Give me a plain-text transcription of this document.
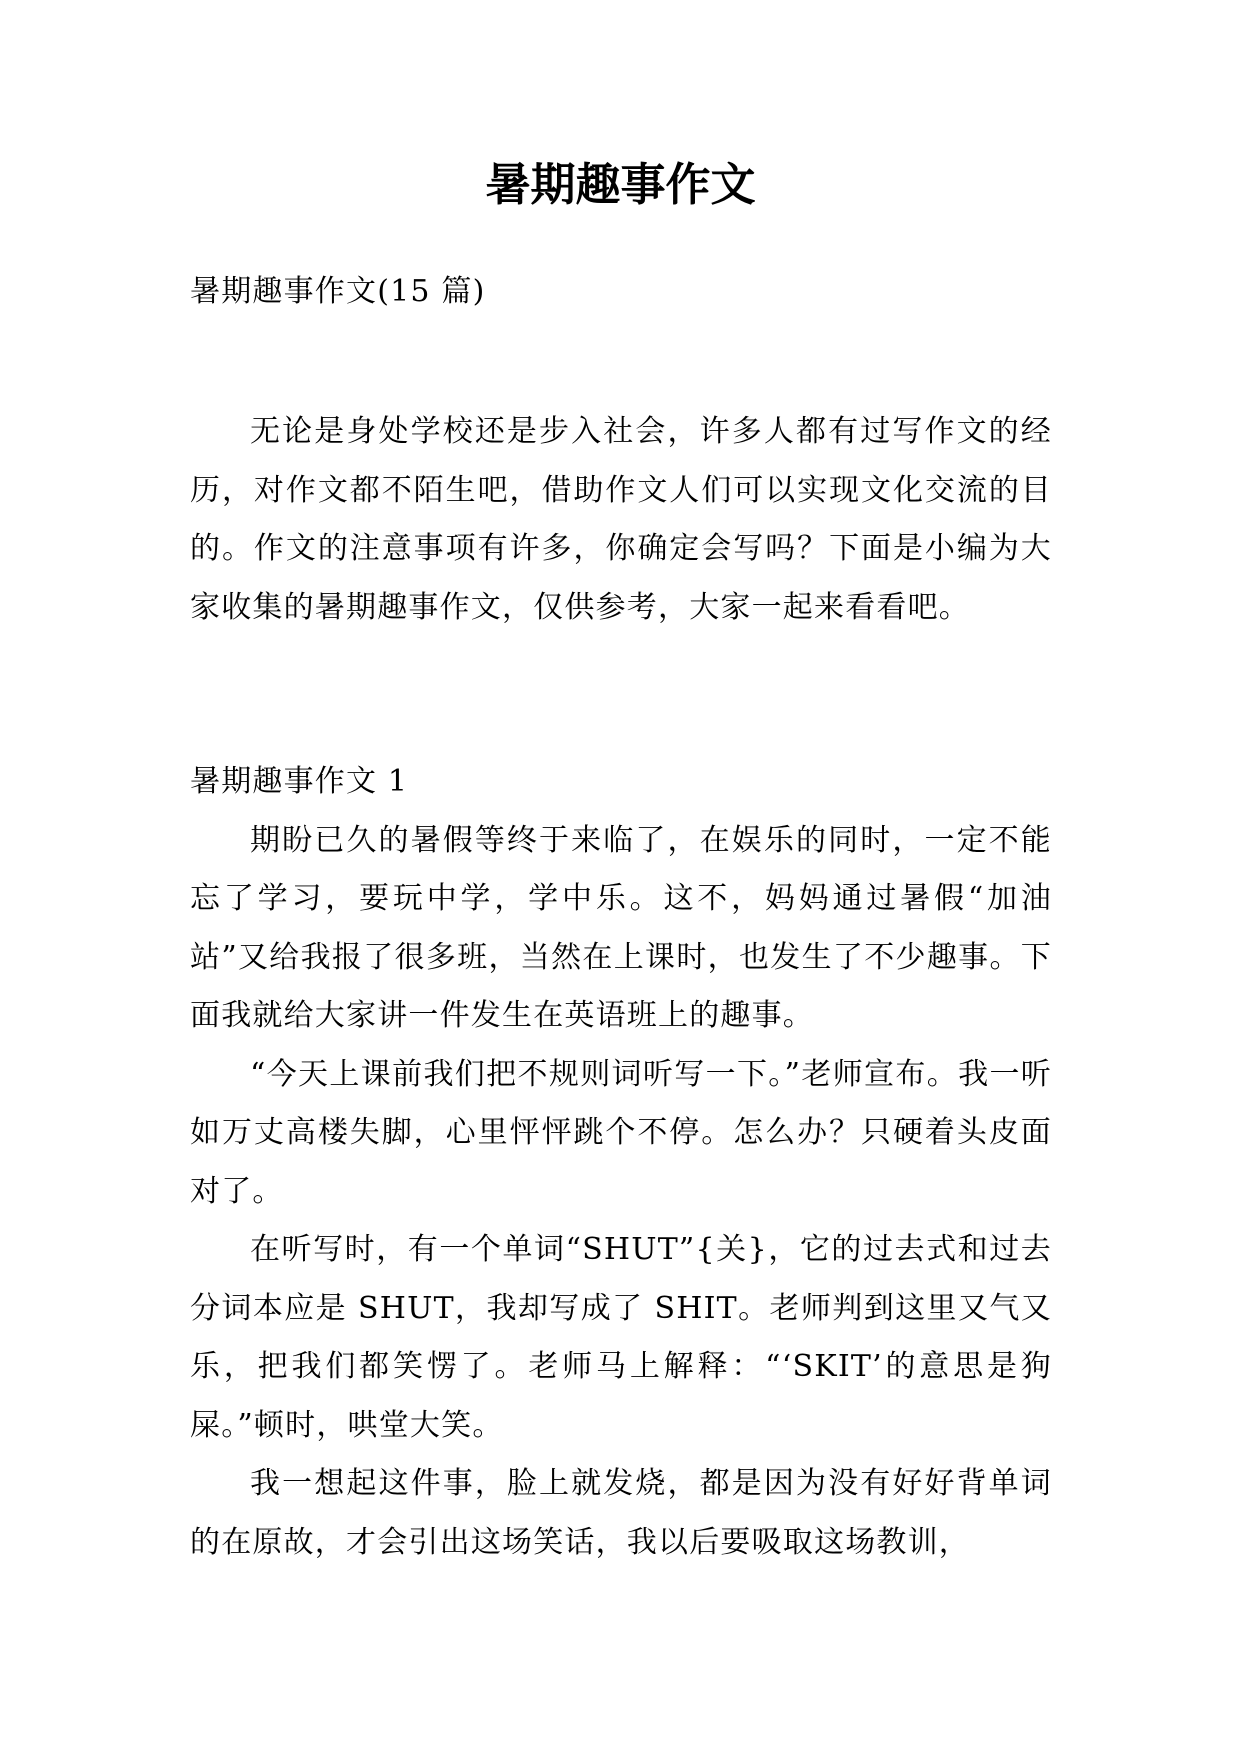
暑期趣事作文
暑期趣事作文(15 篇)

无论是身处学校还是步入社会，许多人都有过写作文的经历，对作文都不陌生吧，借助作文人们可以实现文化交流的目的。作文的注意事项有许多，你确定会写吗？下面是小编为大家收集的暑期趣事作文，仅供参考，大家一起来看看吧。

暑期趣事作文 1

期盼已久的暑假等终于来临了，在娱乐的同时，一定不能忘了学习，要玩中学，学中乐。这不，妈妈通过暑假“加油站”又给我报了很多班，当然在上课时，也发生了不少趣事。下面我就给大家讲一件发生在英语班上的趣事。

“今天上课前我们把不规则词听写一下。”老师宣布。我一听如万丈高楼失脚，心里怦怦跳个不停。怎么办？只硬着头皮面对了。

在听写时，有一个单词“SHUT”{关}，它的过去式和过去分词本应是 SHUT，我却写成了 SHIT。老师判到这里又气又乐，把我们都笑愣了。老师马上解释：“‘SKIT’的意思是狗屎。”顿时，哄堂大笑。

我一想起这件事，脸上就发烧，都是因为没有好好背单词的在原故，才会引出这场笑话，我以后要吸取这场教训，
